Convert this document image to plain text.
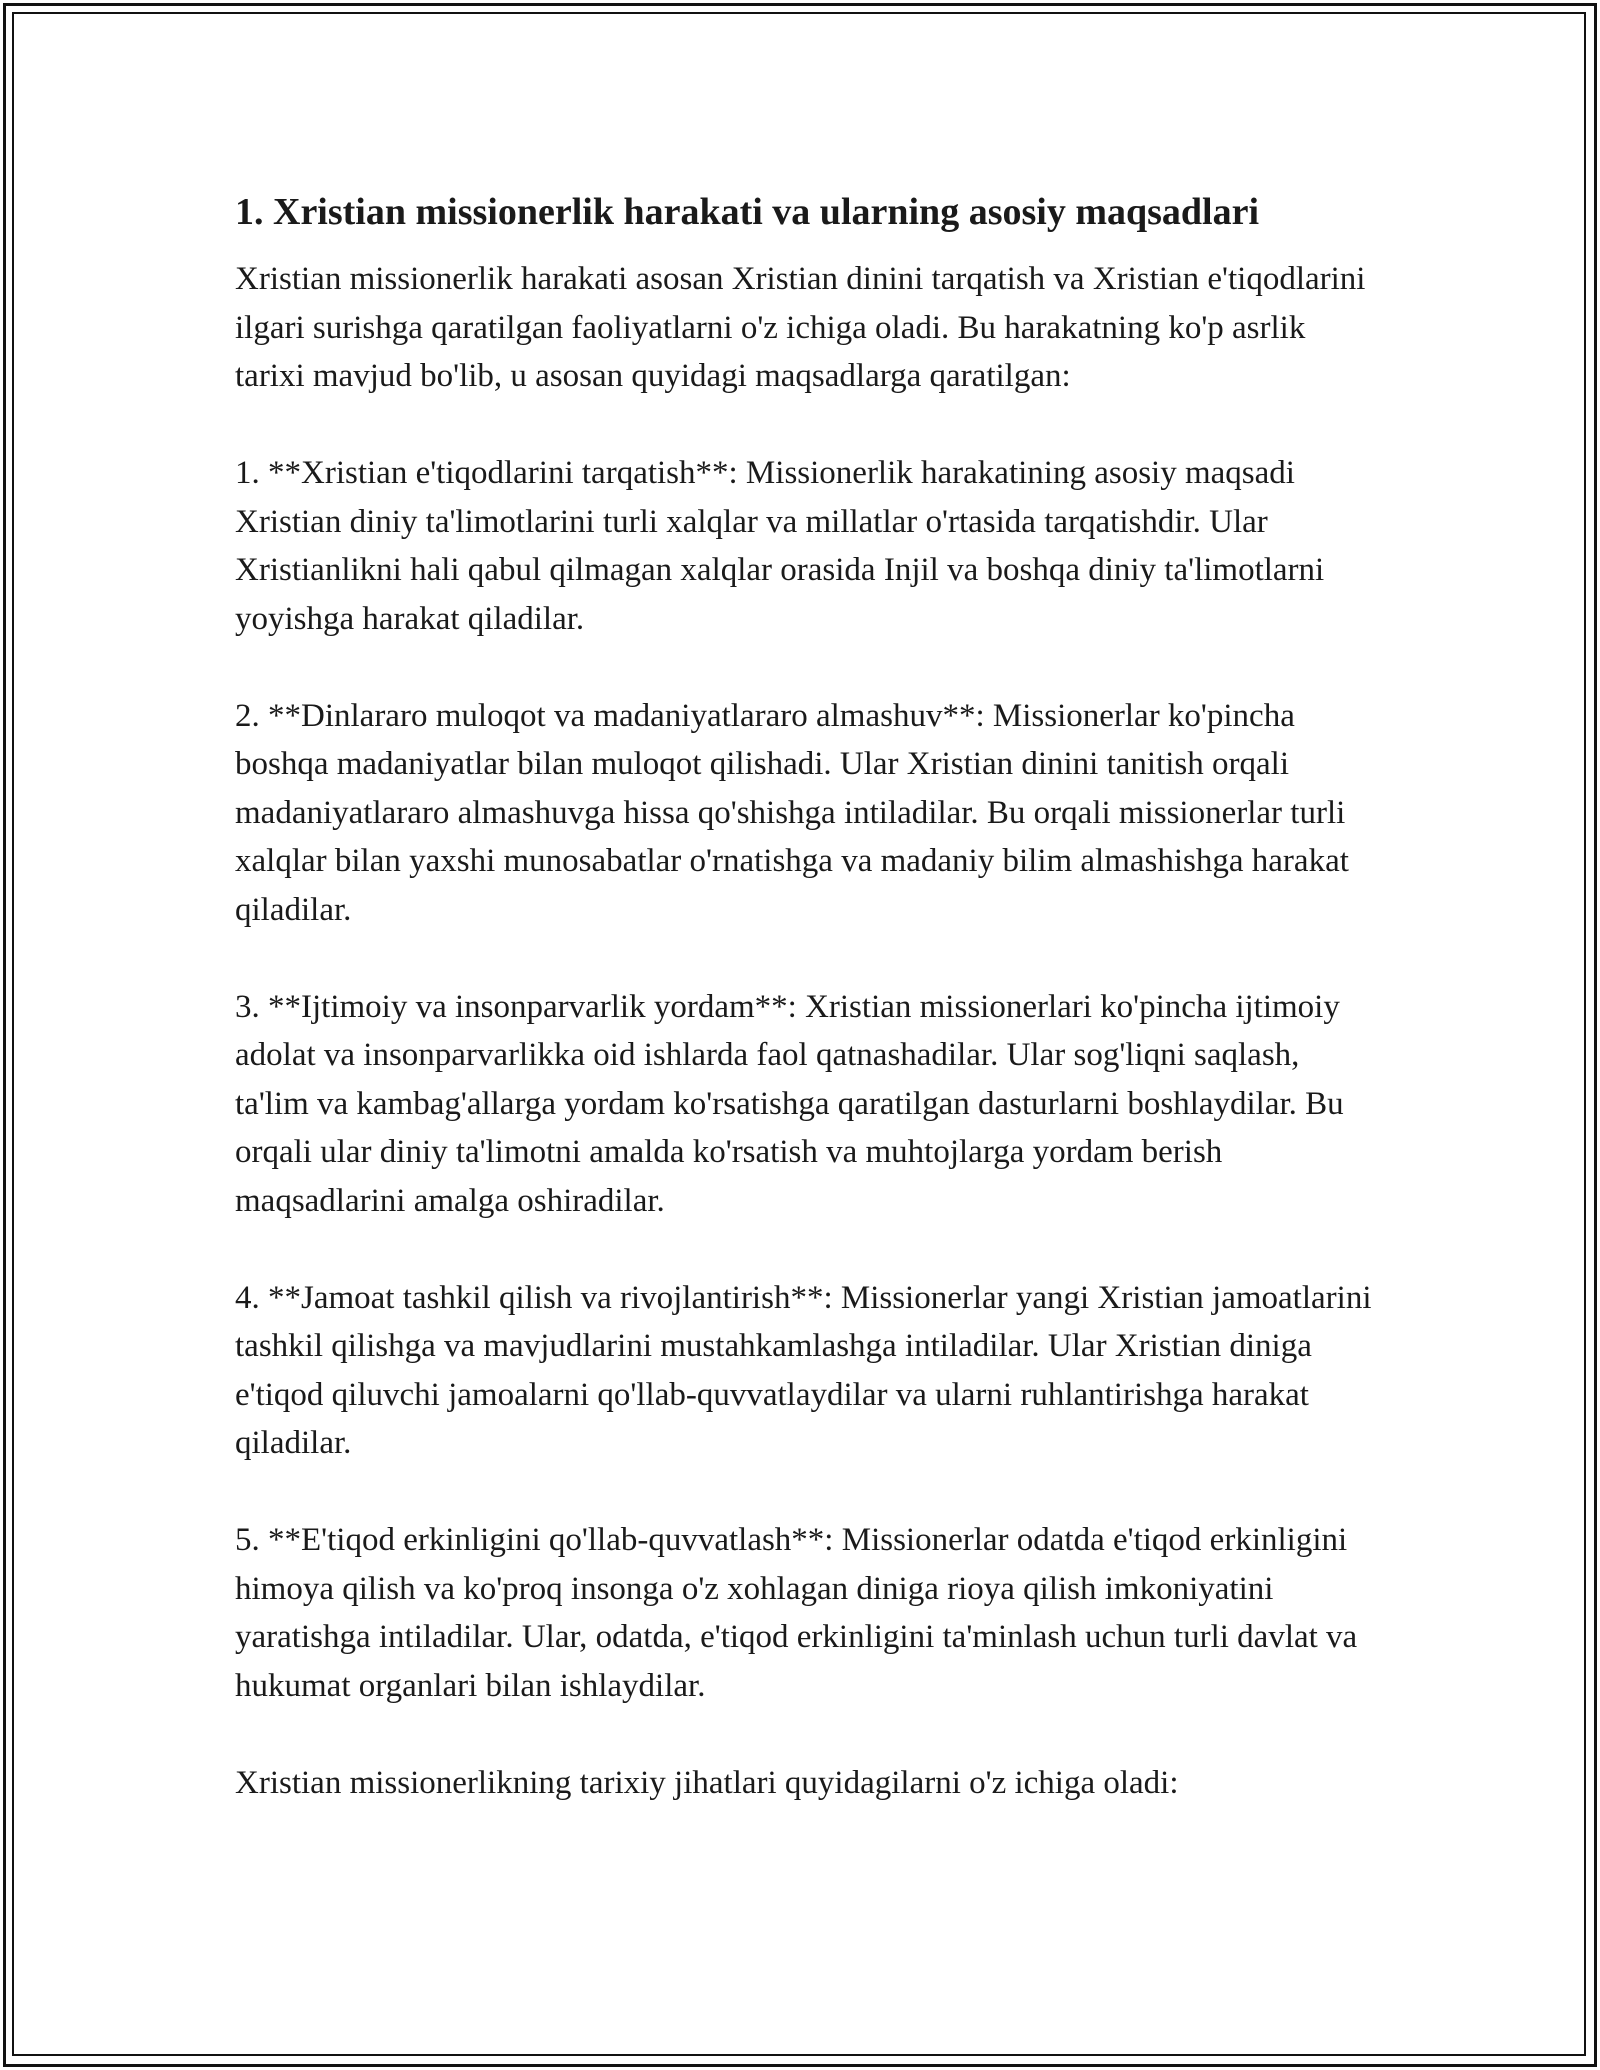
1. Xristian missionerlik harakati va ularning asosiy maqsadlari

Xristian missionerlik harakati asosan Xristian dinini tarqatish va Xristian e'tiqodlarini ilgari surishga qaratilgan faoliyatlarni o'z ichiga oladi. Bu harakatning ko'p asrlik tarixi mavjud bo'lib, u asosan quyidagi maqsadlarga qaratilgan:

1. **Xristian e'tiqodlarini tarqatish**: Missionerlik harakatining asosiy maqsadi Xristian diniy ta'limotlarini turli xalqlar va millatlar o'rtasida tarqatishdir. Ular Xristianlikni hali qabul qilmagan xalqlar orasida Injil va boshqa diniy ta'limotlarni yoyishga harakat qiladilar.

2. **Dinlararo muloqot va madaniyatlararo almashuv**: Missionerlar ko'pincha boshqa madaniyatlar bilan muloqot qilishadi. Ular Xristian dinini tanitish orqali madaniyatlararo almashuvga hissa qo'shishga intiladilar. Bu orqali missionerlar turli xalqlar bilan yaxshi munosabatlar o'rnatishga va madaniy bilim almashishga harakat qiladilar.

3. **Ijtimoiy va insonparvarlik yordam**: Xristian missionerlari ko'pincha ijtimoiy adolat va insonparvarlikka oid ishlarda faol qatnashadilar. Ular sog'liqni saqlash, ta'lim va kambag'allarga yordam ko'rsatishga qaratilgan dasturlarni boshlaydilar. Bu orqali ular diniy ta'limotni amalda ko'rsatish va muhtojlarga yordam berish maqsadlarini amalga oshiradilar.

4. **Jamoat tashkil qilish va rivojlantirish**: Missionerlar yangi Xristian jamoatlarini tashkil qilishga va mavjudlarini mustahkamlashga intiladilar. Ular Xristian diniga e'tiqod qiluvchi jamoalarni qo'llab-quvvatlaydilar va ularni ruhlantirishga harakat qiladilar.

5. **E'tiqod erkinligini qo'llab-quvvatlash**: Missionerlar odatda e'tiqod erkinligini himoya qilish va ko'proq insonga o'z xohlagan diniga rioya qilish imkoniyatini yaratishga intiladilar. Ular, odatda, e'tiqod erkinligini ta'minlash uchun turli davlat va hukumat organlari bilan ishlaydilar.

Xristian missionerlikning tarixiy jihatlari quyidagilarni o'z ichiga oladi:
